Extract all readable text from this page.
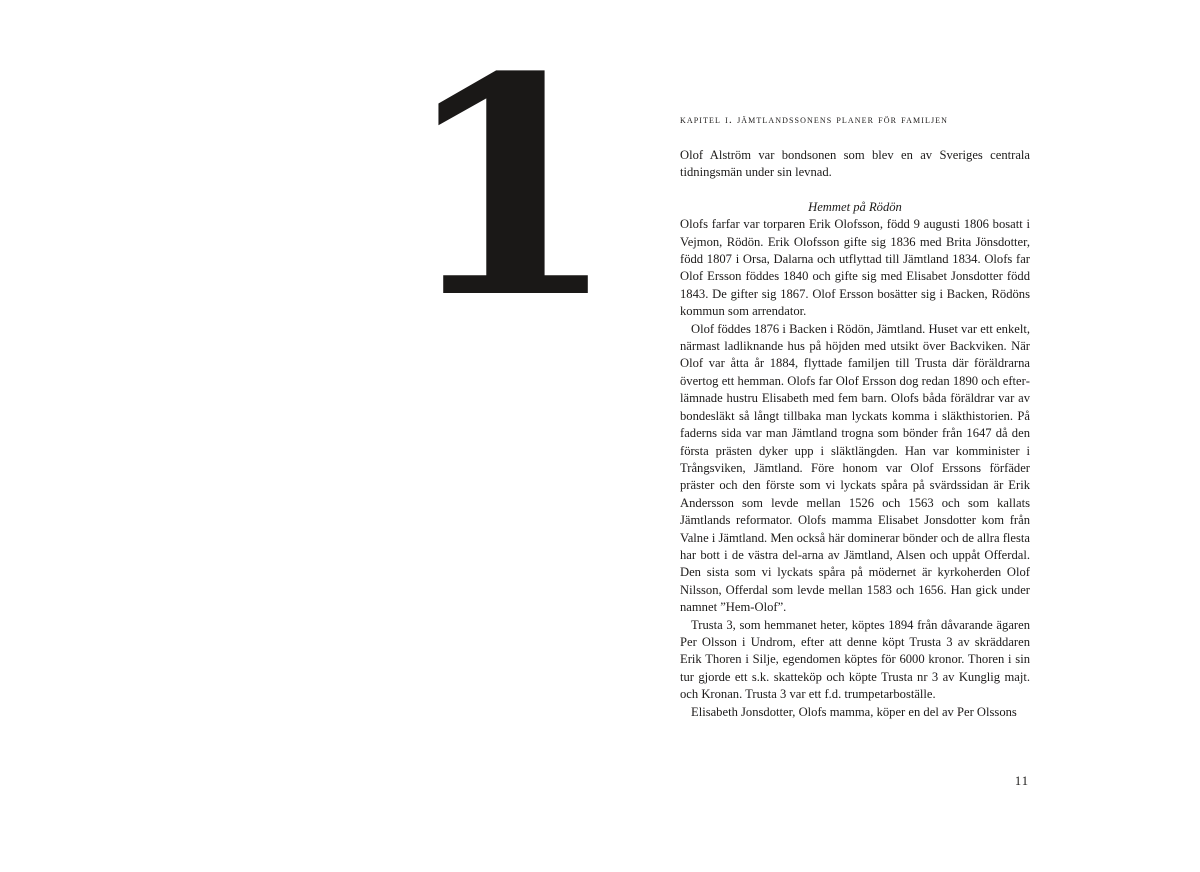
1	kapitel i. jämtlandssonens planer för familjen

Olof Alström var bondsonen som blev en av Sveriges centrala tidningsmän under sin levnad.

Hemmet på Rödön

Olofs farfar var torparen Erik Olofsson, född 9 augusti 1806 bosatt i Vejmon, Rödön. Erik Olofsson gifte sig 1836 med Brita Jönsdotter, född 1807 i Orsa, Dalarna och utflyttad till Jämtland 1834. Olofs far Olof Ersson föddes 1840 och gifte sig med Elisabet Jonsdotter född 1843. De gifter sig 1867. Olof Ersson bosätter sig i Backen, Rödöns kommun som arrendator.

Olof föddes 1876 i Backen i Rödön, Jämtland. Huset var ett enkelt, närmast ladliknande hus på höjden med utsikt över Backviken. När Olof var åtta år 1884, flyttade familjen till Trusta där föräldrarna övertog ett hemman. Olofs far Olof Ersson dog redan 1890 och efterlämnade hustru Elisabeth med fem barn. Olofs båda föräldrar var av bondesläkt så långt tillbaka man lyckats komma i släkthistorien. På faderns sida var man Jämtland trogna som bönder från 1647 då den första prästen dyker upp i släktlängden. Han var komminister i Trångsviken, Jämtland. Före honom var Olof Erssons förfäder präster och den förste som vi lyckats spåra på svärdssidan är Erik Andersson som levde mellan 1526 och 1563 och som kallats Jämtlands reformator. Olofs mamma Elisabet Jonsdotter kom från Valne i Jämtland. Men också här dominerar bönder och de allra flesta har bott i de västra del-arna av Jämtland, Alsen och uppåt Offerdal. Den sista som vi lyckats spåra på mödernet är kyrkoherden Olof Nilsson, Offerdal som levde mellan 1583 och 1656. Han gick under namnet ”Hem-Olof”.

Trusta 3, som hemmanet heter, köptes 1894 från dåvarande ägaren Per Olsson i Undrom, efter att denne köpt Trusta 3 av skräddaren Erik Thoren i Silje, egendomen köptes för 6000 kronor. Thoren i sin tur gjorde ett s.k. skatteköp och köpte Trusta nr 3 av Kunglig majt. och Kronan. Trusta 3 var ett f.d. trumpetarboställe.

Elisabeth Jonsdotter, Olofs mamma, köper en del av Per Olssons

11
